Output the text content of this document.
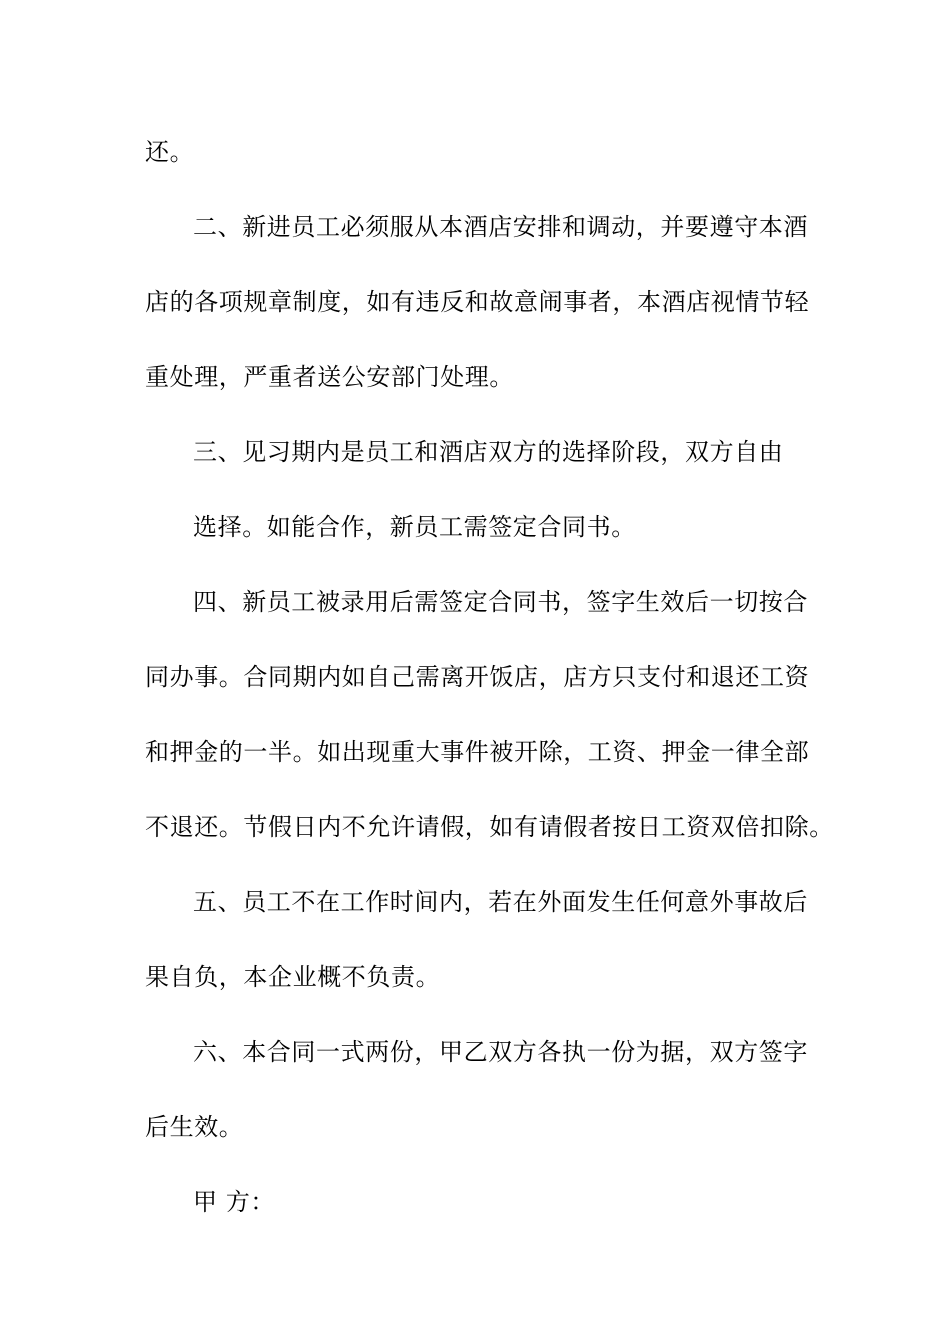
还。
二、新进员工必须服从本酒店安排和调动，并要遵守本酒
店的各项规章制度，如有违反和故意闹事者，本酒店视情节轻
重处理，严重者送公安部门处理。
三、见习期内是员工和酒店双方的选择阶段，双方自由
选择。如能合作，新员工需签定合同书。
四、新员工被录用后需签定合同书，签字生效后一切按合
同办事。合同期内如自己需离开饭店，店方只支付和退还工资
和押金的一半。如出现重大事件被开除，工资、押金一律全部
不退还。节假日内不允许请假，如有请假者按日工资双倍扣除。
五、员工不在工作时间内，若在外面发生任何意外事故后
果自负，本企业概不负责。
六、本合同一式两份，甲乙双方各执一份为据，双方签字
后生效。
甲 方：
